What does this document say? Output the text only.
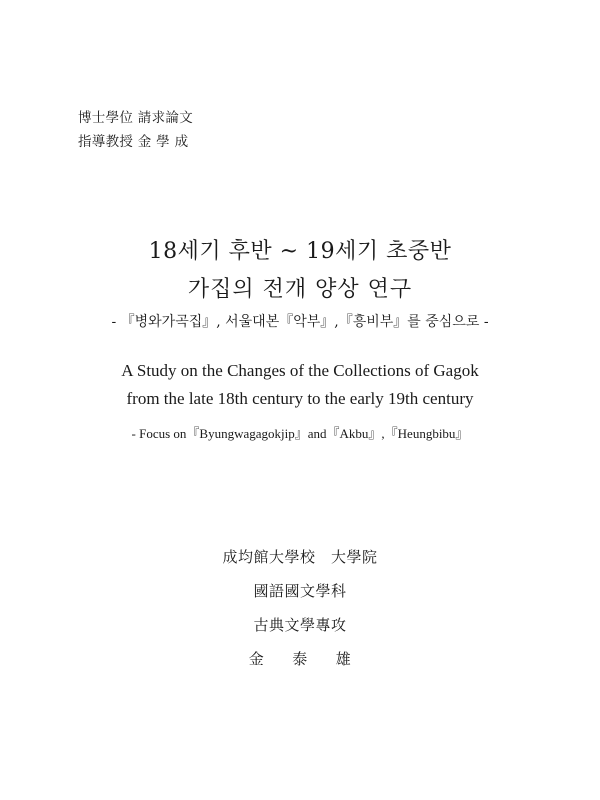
博士學位 請求論文
指導教授 金 學 成
18세기 후반 ~ 19세기 초중반
가집의 전개 양상 연구
- 『병와가곡집』, 서울대본『악부』,『흥비부』를 중심으로 -
A Study on the Changes of the Collections of Gagok
from the late 18th century to the early 19th century
- Focus on『Byungwagagokjip』and『Akbu』,『Heungbibu』
成均館大學校　大學院
國語國文學科
古典文學專攻
金 泰 雄
